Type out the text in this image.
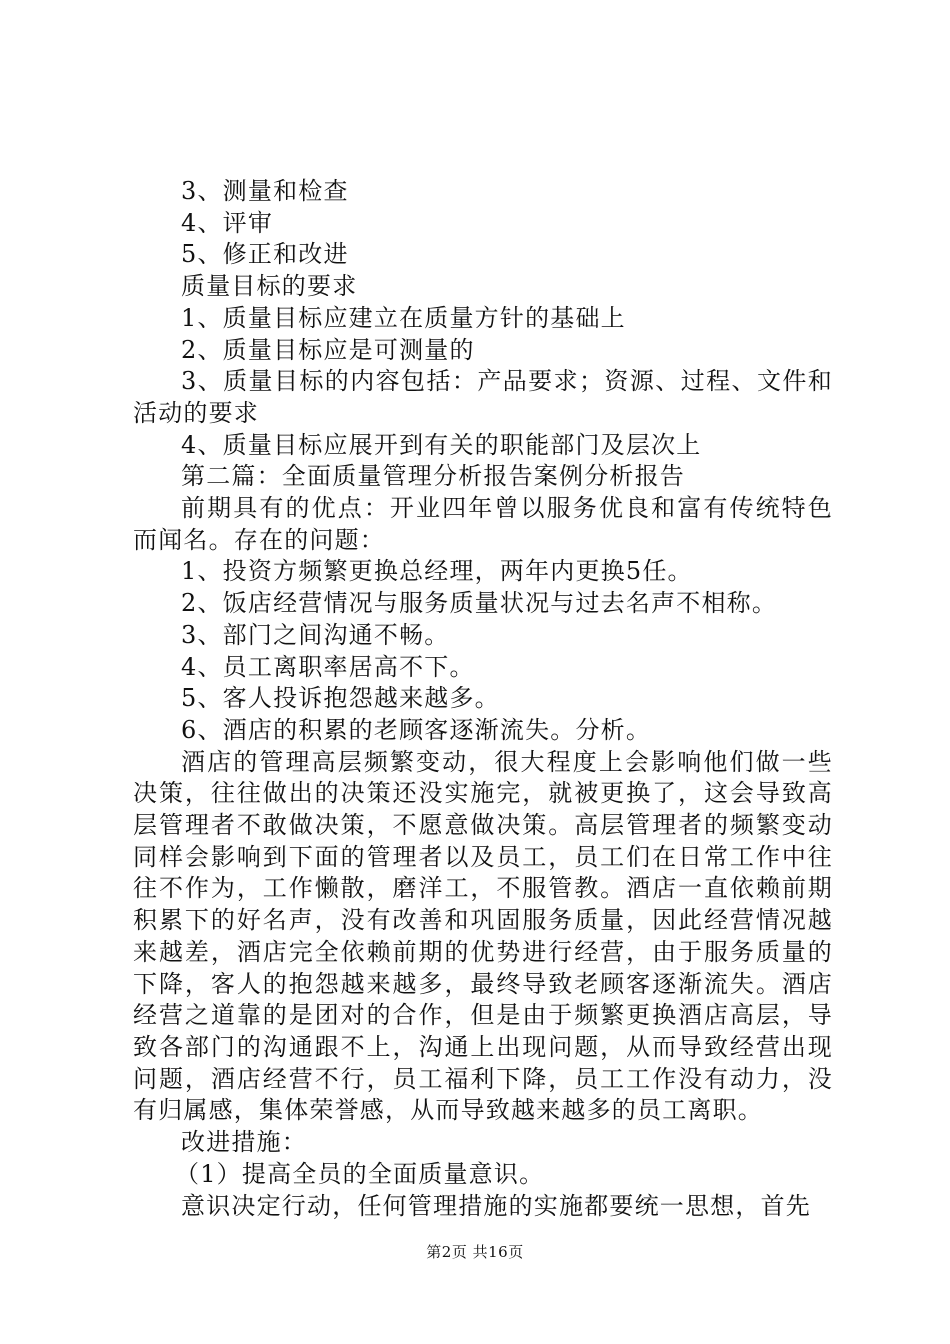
3、测量和检查

4、评审

5、修正和改进

质量目标的要求

1、质量目标应建立在质量方针的基础上

2、质量目标应是可测量的

3、质量目标的内容包括：产品要求；资源、过程、文件和活动的要求

4、质量目标应展开到有关的职能部门及层次上

第二篇：全面质量管理分析报告案例分析报告

前期具有的优点：开业四年曾以服务优良和富有传统特色而闻名。存在的问题：

1、投资方频繁更换总经理，两年内更换5任。

2、饭店经营情况与服务质量状况与过去名声不相称。

3、部门之间沟通不畅。

4、员工离职率居高不下。

5、客人投诉抱怨越来越多。

6、酒店的积累的老顾客逐渐流失。分析。

酒店的管理高层频繁变动，很大程度上会影响他们做一些决策，往往做出的决策还没实施完，就被更换了，这会导致高层管理者不敢做决策，不愿意做决策。高层管理者的频繁变动同样会影响到下面的管理者以及员工，员工们在日常工作中往往不作为，工作懒散，磨洋工，不服管教。酒店一直依赖前期积累下的好名声，没有改善和巩固服务质量，因此经营情况越来越差，酒店完全依赖前期的优势进行经营，由于服务质量的下降，客人的抱怨越来越多，最终导致老顾客逐渐流失。酒店经营之道靠的是团对的合作，但是由于频繁更换酒店高层，导致各部门的沟通跟不上，沟通上出现问题，从而导致经营出现问题，酒店经营不行，员工福利下降，员工工作没有动力，没有归属感，集体荣誉感，从而导致越来越多的员工离职。

改进措施：

（1）提高全员的全面质量意识。

意识决定行动，任何管理措施的实施都要统一思想，首先

第2页 共16页
